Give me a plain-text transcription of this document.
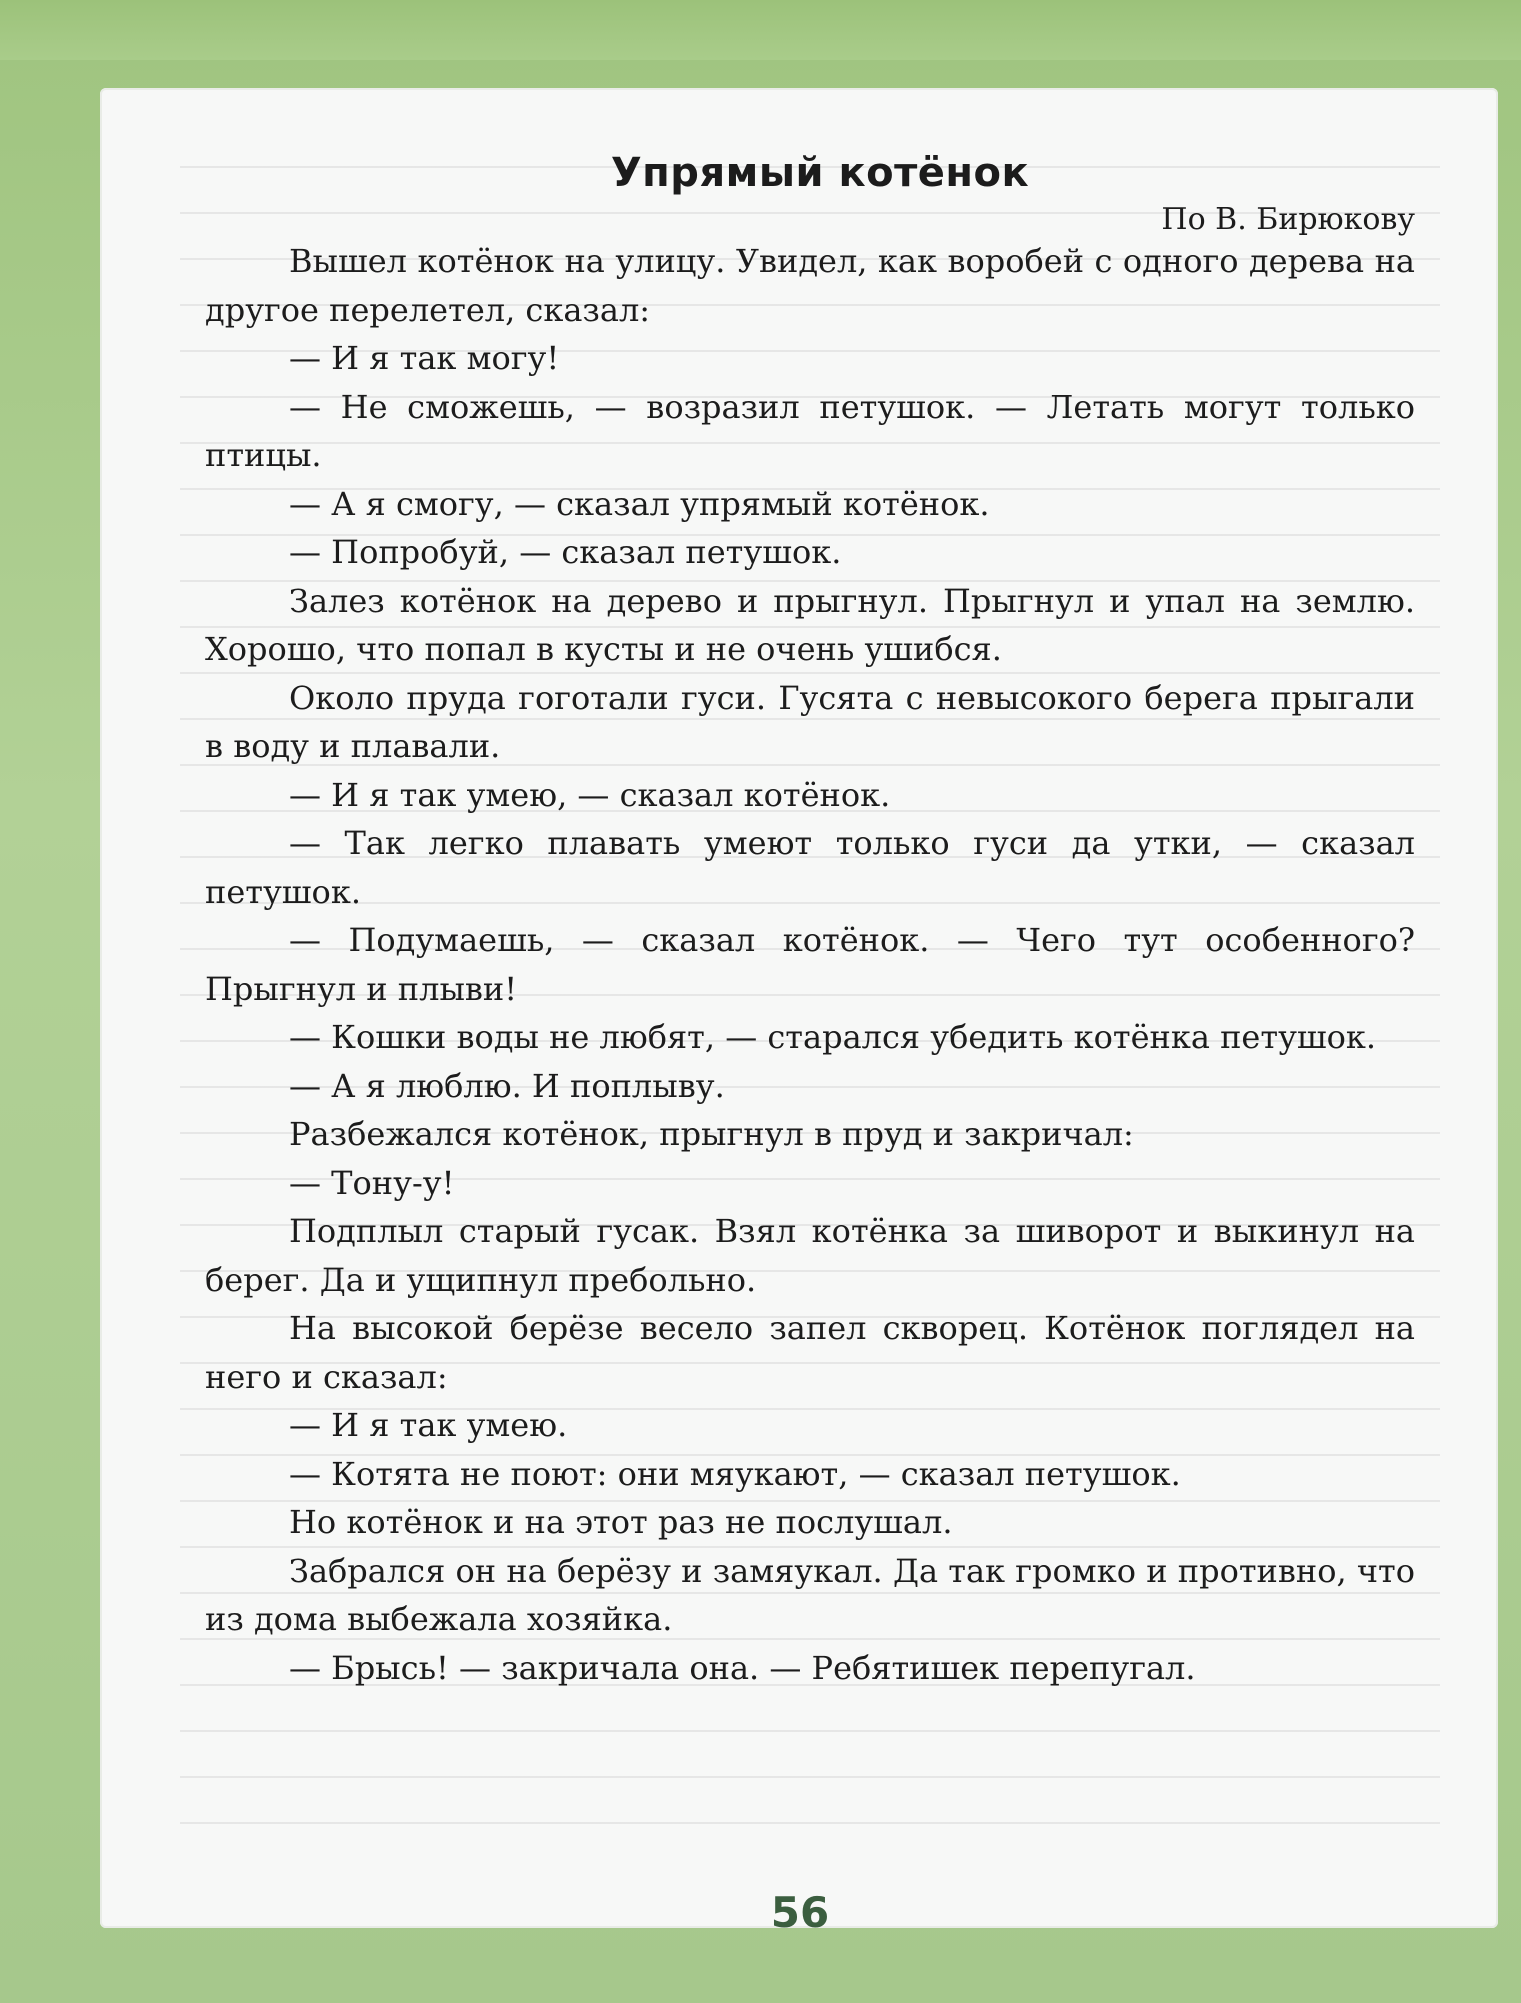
Упрямый котёнок
По В. Бирюкову

Вышел котёнок на улицу. Увидел, как воробей с одного дерева на другое перелетел, сказал:

— И я так могу!

— Не сможешь, — возразил петушок. — Летать могут только птицы.

— А я смогу, — сказал упрямый котёнок.

— Попробуй, — сказал петушок.

Залез котёнок на дерево и прыгнул. Прыгнул и упал на землю. Хорошо, что попал в кусты и не очень ушибся.

Около пруда гоготали гуси. Гусята с невысокого берега прыгали в воду и плавали.

— И я так умею, — сказал котёнок.

— Так легко плавать умеют только гуси да утки, — сказал петушок.

— Подумаешь, — сказал котёнок. — Чего тут особенного? Прыгнул и плыви!

— Кошки воды не любят, — старался убедить котёнка петушок.

— А я люблю. И поплыву.

Разбежался котёнок, прыгнул в пруд и закричал:

— Тону-у!

Подплыл старый гусак. Взял котёнка за шиворот и выкинул на берег. Да и ущипнул пребольно.

На высокой берёзе весело запел скворец. Котёнок поглядел на него и сказал:

— И я так умею.

— Котята не поют: они мяукают, — сказал петушок.

Но котёнок и на этот раз не послушал.

Забрался он на берёзу и замяукал. Да так громко и противно, что из дома выбежала хозяйка.

— Брысь! — закричала она. — Ребятишек перепугал.

56
